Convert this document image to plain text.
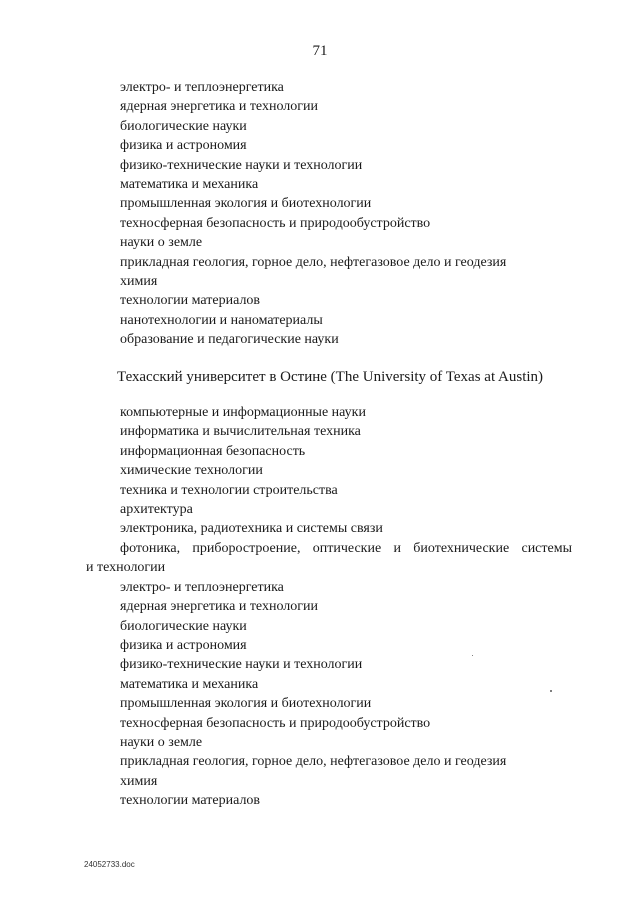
71
электро- и теплоэнергетика
ядерная энергетика и технологии
биологические науки
физика и астрономия
физико-технические науки и технологии
математика и механика
промышленная экология и биотехнологии
техносферная безопасность и природообустройство
науки о земле
прикладная геология, горное дело, нефтегазовое дело и геодезия
химия
технологии материалов
нанотехнологии и наноматериалы
образование и педагогические науки
Техасский университет в Остине (The University of Texas at Austin)
компьютерные и информационные науки
информатика и вычислительная техника
информационная безопасность
химические технологии
техника и технологии строительства
архитектура
электроника, радиотехника и системы связи
фотоника, приборостроение, оптические и биотехнические системы
и технологии
электро- и теплоэнергетика
ядерная энергетика и технологии
биологические науки
физика и астрономия
физико-технические науки и технологии
математика и механика
промышленная экология и биотехнологии
техносферная безопасность и природообустройство
науки о земле
прикладная геология, горное дело, нефтегазовое дело и геодезия
химия
технологии материалов
24052733.doc
